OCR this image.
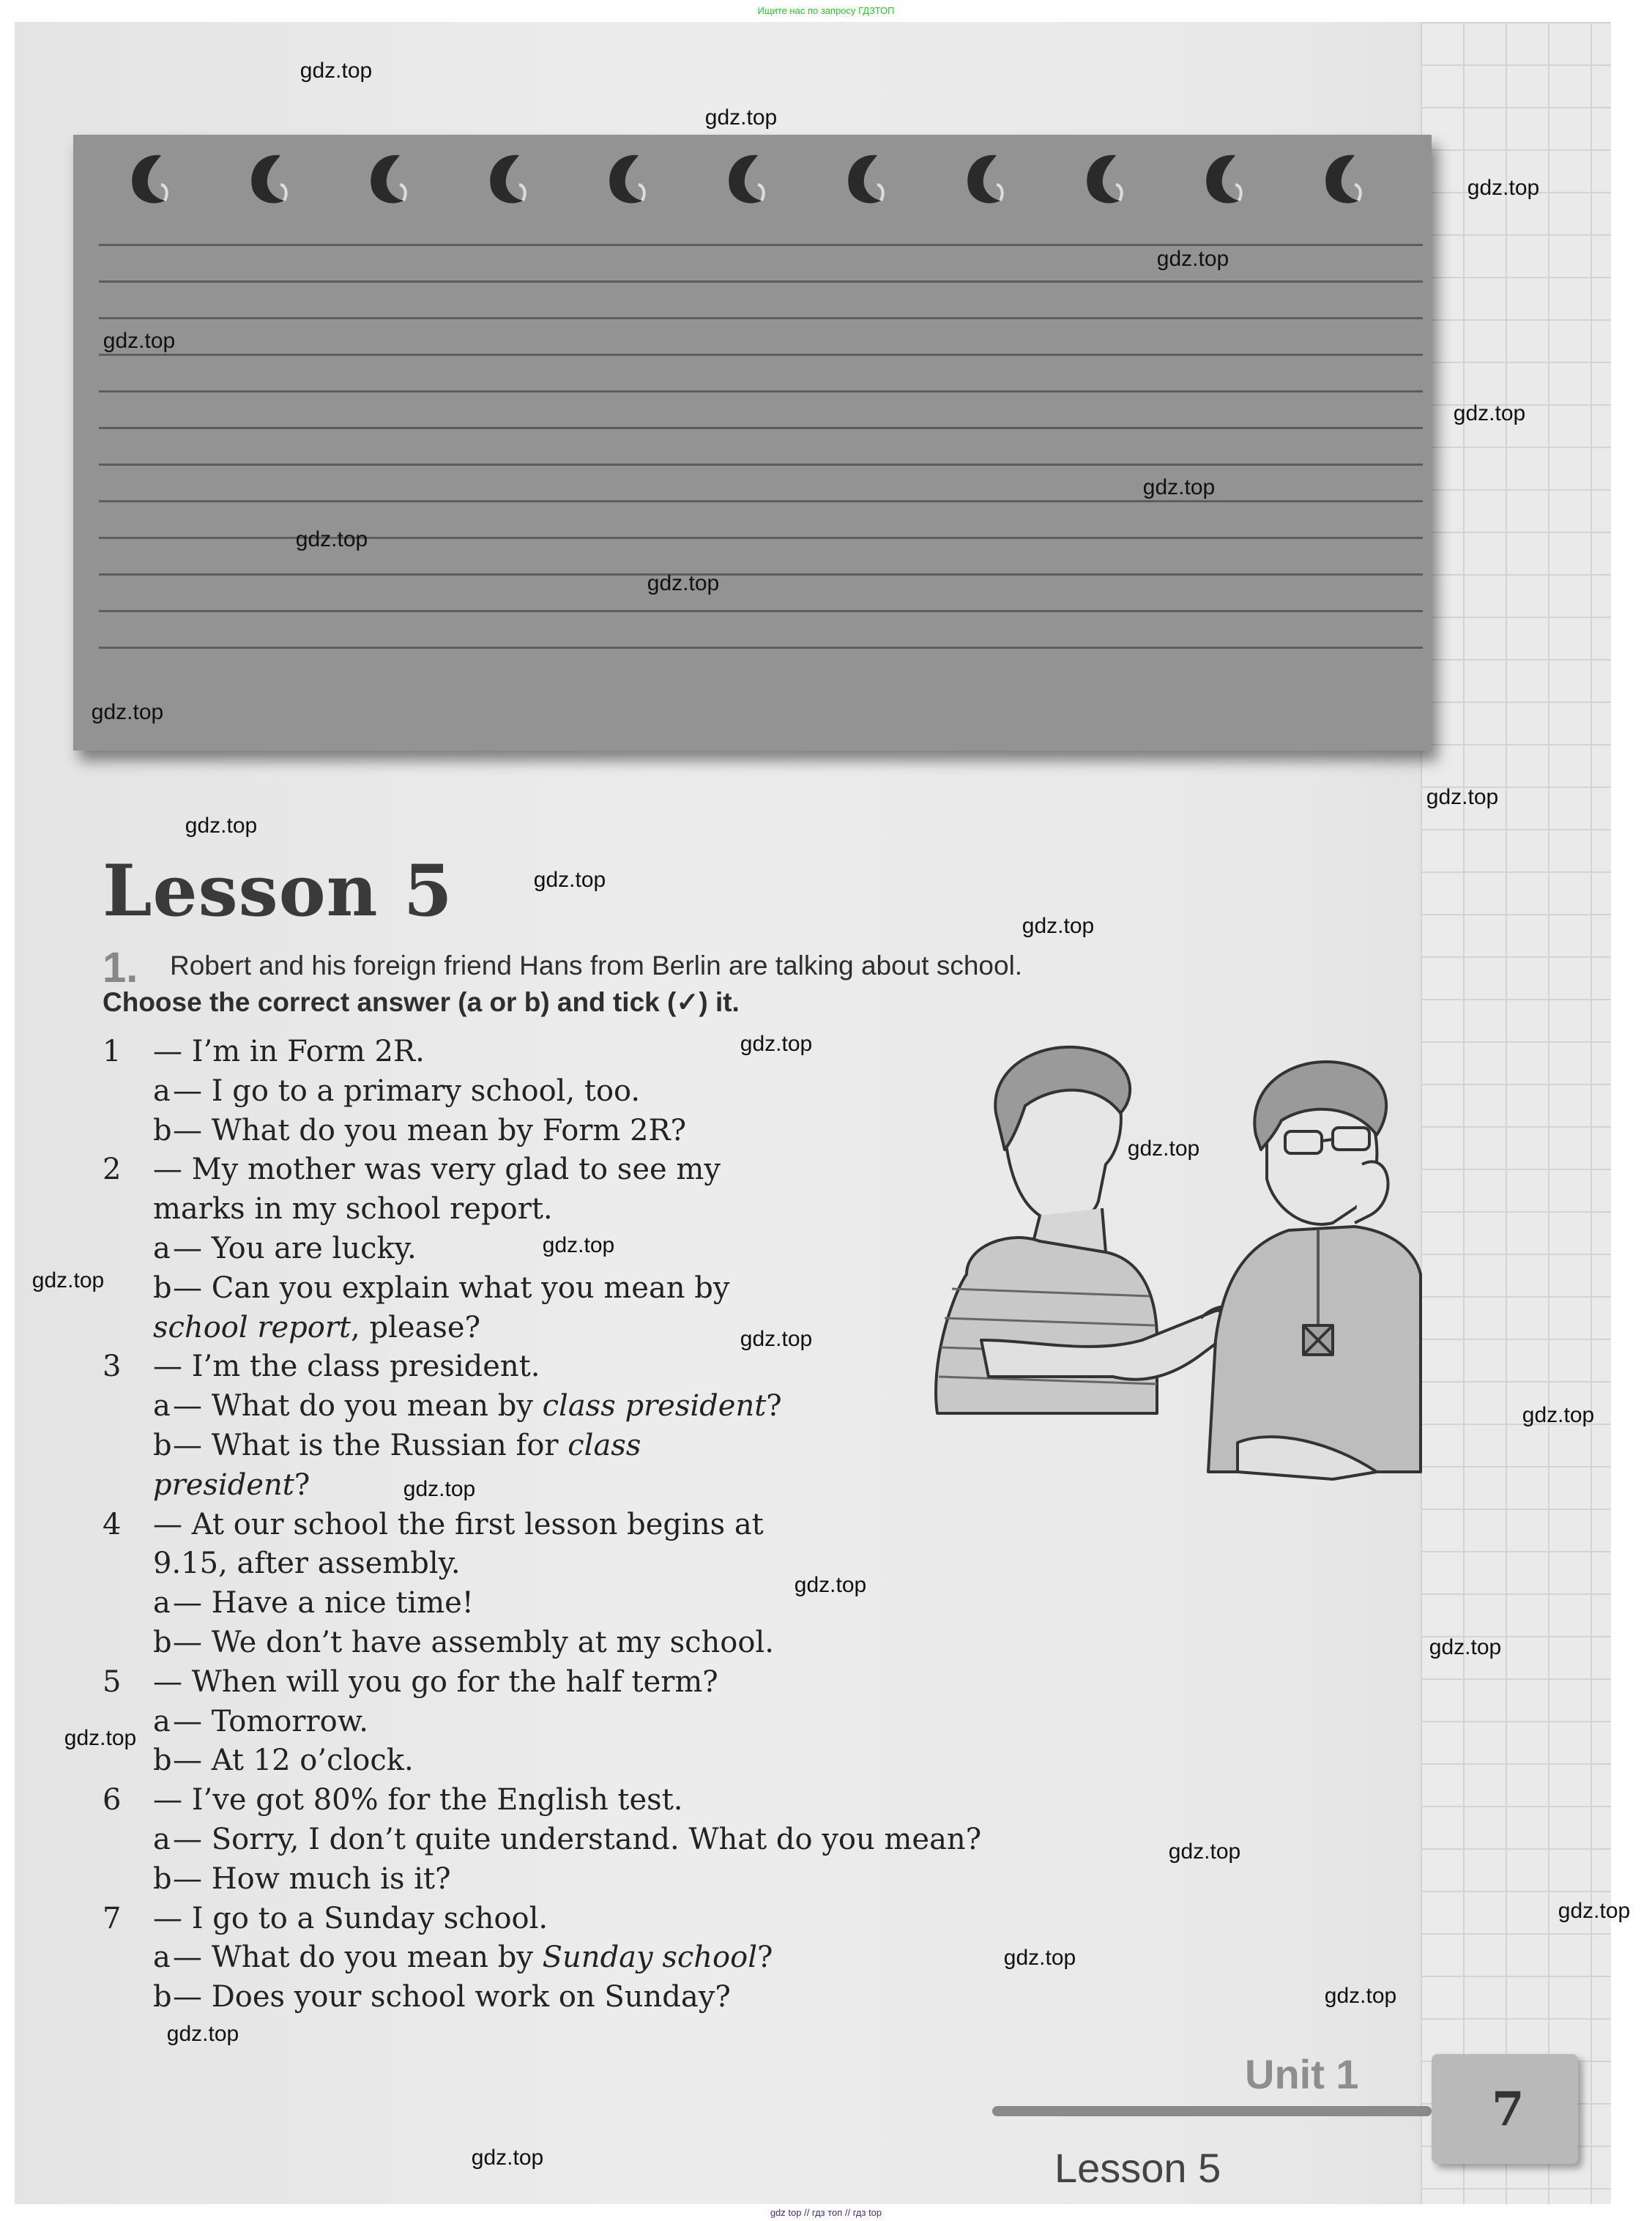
Ищите нас по запросу ГДЗТОП
Lesson 5
1. Robert and his foreign friend Hans from Berlin are talking about school.
Choose the correct answer (a or b) and tick (✓) it.
1 — I’m in Form 2R.
a — I go to a primary school, too.
b — What do you mean by Form 2R?
2 — My mother was very glad to see my
marks in my school report.
a — You are lucky.
b — Can you explain what you mean by
school report, please?
3 — I’m the class president.
a — What do you mean by class president?
b — What is the Russian for class
president?
4 — At our school the first lesson begins at
9.15, after assembly.
a — Have a nice time!
b — We don’t have assembly at my school.
5 — When will you go for the half term?
a — Tomorrow.
b — At 12 o’clock.
6 — I’ve got 80% for the English test.
a — Sorry, I don’t quite understand. What do you mean?
b — How much is it?
7 — I go to a Sunday school.
a — What do you mean by Sunday school?
b — Does your school work on Sunday?
Unit 1
7
Lesson 5
gdz.top
gdz.top
gdz.top
gdz.top
gdz.top
gdz.top
gdz.top
gdz.top
gdz.top
gdz.top
gdz.top
gdz.top
gdz.top
gdz.top
gdz.top
gdz.top
gdz.top
gdz.top
gdz.top
gdz.top
gdz.top
gdz.top
gdz.top
gdz.top
gdz.top
gdz.top
gdz.top
gdz.top
gdz.top
gdz.top
gdz top // гдз топ // гдз top
